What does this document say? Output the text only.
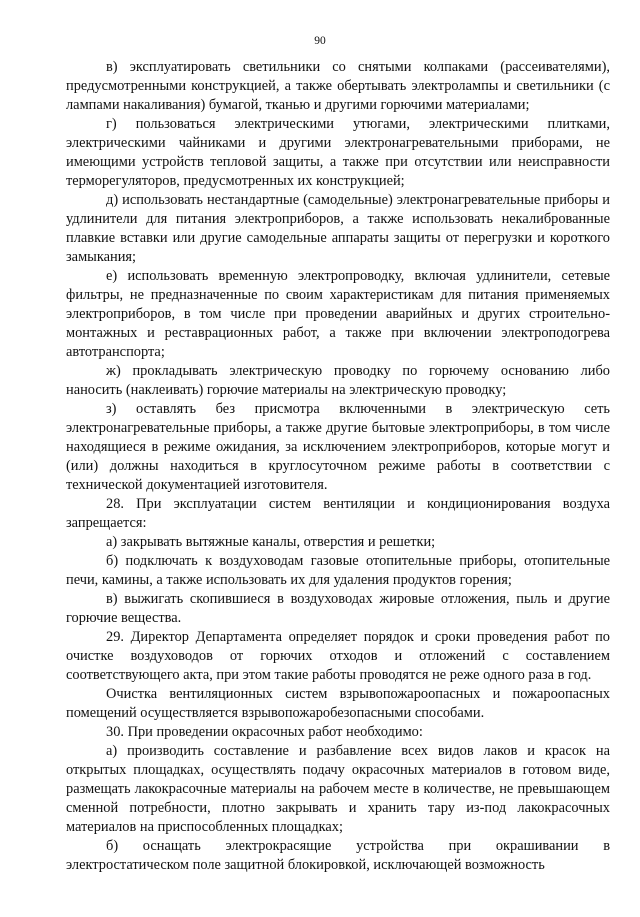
90

в) эксплуатировать светильники со снятыми колпаками (рассеивателями), предусмотренными конструкцией, а также обертывать электролампы и светильники (с лампами накаливания) бумагой, тканью и другими горючими материалами;

г) пользоваться электрическими утюгами, электрическими плитками, электрическими чайниками и другими электронагревательными приборами, не имеющими устройств тепловой защиты, а также при отсутствии или неисправности терморегуляторов, предусмотренных их конструкцией;

д) использовать нестандартные (самодельные) электронагревательные приборы и удлинители для питания электроприборов, а также использовать некалиброванные плавкие вставки или другие самодельные аппараты защиты от перегрузки и короткого замыкания;

е) использовать временную электропроводку, включая удлинители, сетевые фильтры, не предназначенные по своим характеристикам для питания применяемых электроприборов, в том числе при проведении аварийных и других строительно-монтажных и реставрационных работ, а также при включении электроподогрева автотранспорта;

ж) прокладывать электрическую проводку по горючему основанию либо наносить (наклеивать) горючие материалы на электрическую проводку;

з) оставлять без присмотра включенными в электрическую сеть электронагревательные приборы, а также другие бытовые электроприборы, в том числе находящиеся в режиме ожидания, за исключением электроприборов, которые могут и (или) должны находиться в круглосуточном режиме работы в соответствии с технической документацией изготовителя.

28. При эксплуатации систем вентиляции и кондиционирования воздуха запрещается:

а) закрывать вытяжные каналы, отверстия и решетки;

б) подключать к воздуховодам газовые отопительные приборы, отопительные печи, камины, а также использовать их для удаления продуктов горения;

в) выжигать скопившиеся в воздуховодах жировые отложения, пыль и другие горючие вещества.

29. Директор Департамента определяет порядок и сроки проведения работ по очистке воздуховодов от горючих отходов и отложений с составлением соответствующего акта, при этом такие работы проводятся не реже одного раза в год.

Очистка вентиляционных систем взрывопожароопасных и пожароопасных помещений осуществляется взрывопожаробезопасными способами.

30. При проведении окрасочных работ необходимо:

а) производить составление и разбавление всех видов лаков и красок на открытых площадках, осуществлять подачу окрасочных материалов в готовом виде, размещать лакокрасочные материалы на рабочем месте в количестве, не превышающем сменной потребности, плотно закрывать и хранить тару из-под лакокрасочных материалов на приспособленных площадках;

б) оснащать электрокрасящие устройства при окрашивании в электростатическом поле защитной блокировкой, исключающей возможность
